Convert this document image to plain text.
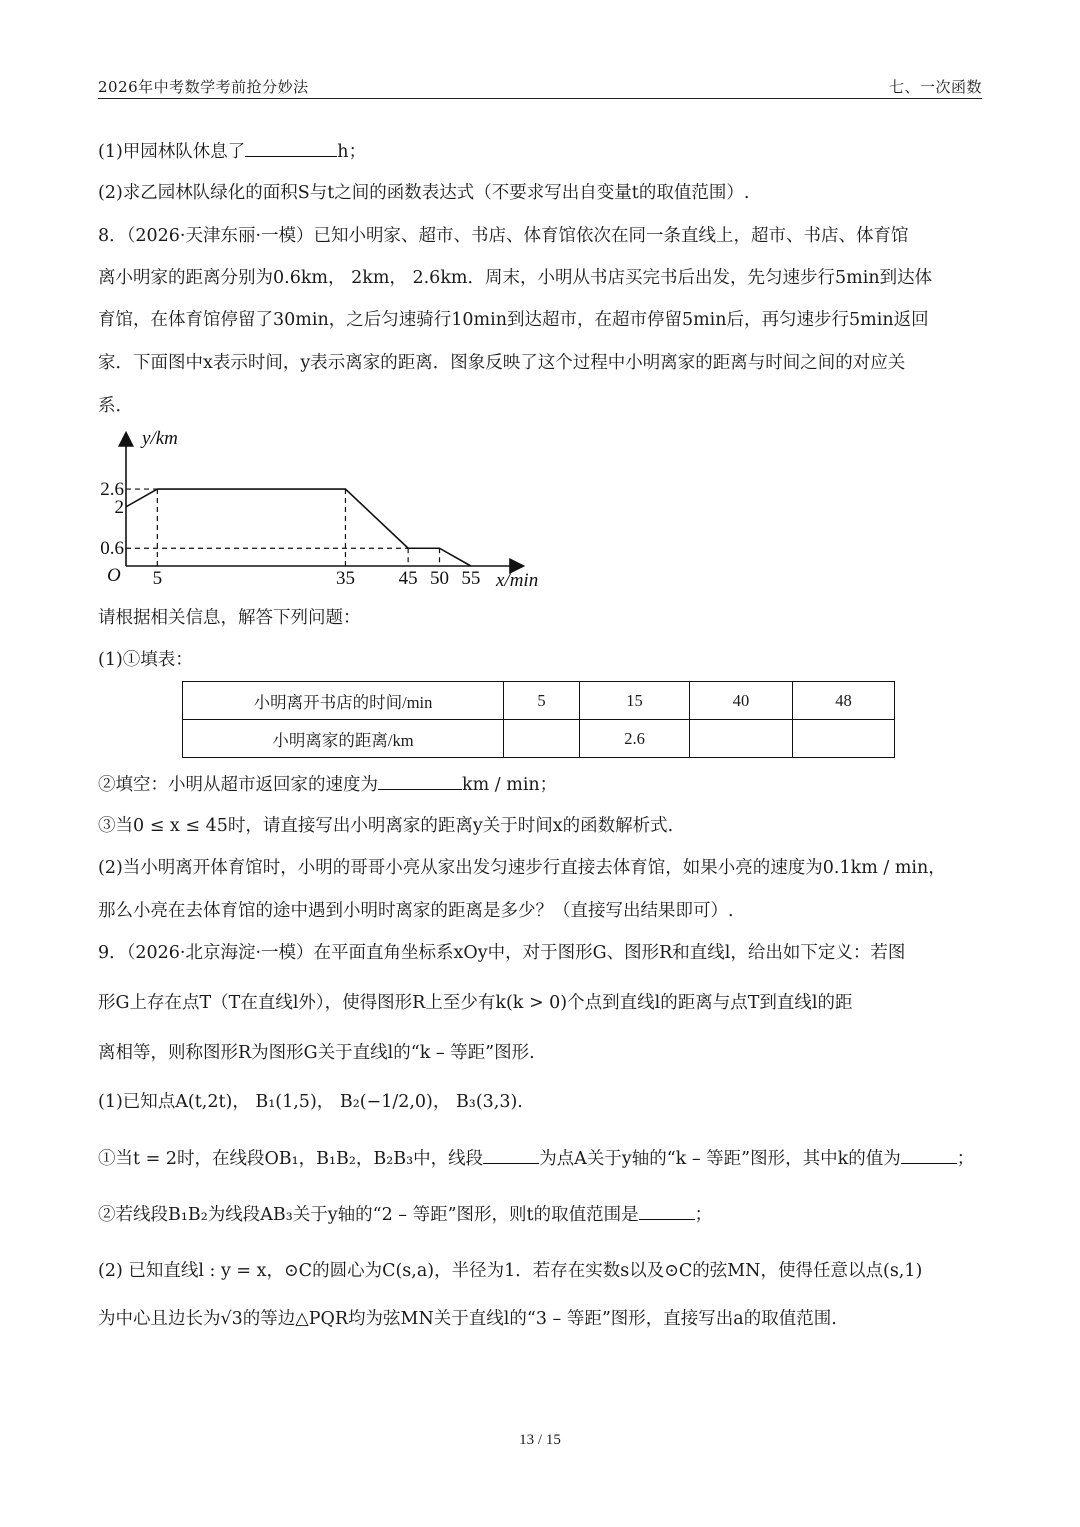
2026年中考数学考前抢分妙法	七、一次函数
(1)甲园林队休息了	h；
(2)求乙园林队绿化的面积S与t之间的函数表达式（不要求写出自变量t的取值范围）.
8．（2026·天津东丽·一模）已知小明家、超市、书店、体育馆依次在同一条直线上，超市、书店、体育馆
离小明家的距离分别为0.6km， 2km， 2.6km．周末，小明从书店买完书后出发，先匀速步行5min到达体
育馆，在体育馆停留了30min，之后匀速骑行10min到达超市，在超市停留5min后，再匀速步行5min返回
家．下面图中x表示时间，y表示离家的距离．图象反映了这个过程中小明离家的距离与时间之间的对应关
系．
5	35 45 50 55
2.6
2
0.6
y/km
x/min
O
请根据相关信息，解答下列问题：
(1)①填表：
小明离开书店的时间/min	5	15	40	48
小明离家的距离/km		2.6		
②填空：小明从超市返回家的速度为	km / min；
③当0 ≤ x ≤ 45时，请直接写出小明离家的距离y关于时间x的函数解析式.
(2)当小明离开体育馆时，小明的哥哥小亮从家出发匀速步行直接去体育馆，如果小亮的速度为0.1km / min，
那么小亮在去体育馆的途中遇到小明时离家的距离是多少？（直接写出结果即可）.
9．（2026·北京海淀·一模）在平面直角坐标系xOy中，对于图形G、图形R和直线l，给出如下定义：若图
形G上存在点T（T在直线l外），使得图形R上至少有k(k > 0)个点到直线l的距离与点T到直线l的距
离相等，则称图形R为图形G关于直线l的“k – 等距”图形.
(1)已知点A(t,2t)， B₁(1,5)， B₂(−1/2,0)， B₃(3,3).
①当t = 2时，在线段OB₁，B₁B₂，B₂B₃中，线段	为点A关于y轴的“k – 等距”图形，其中k的值为	；
②若线段B₁B₂为线段AB₃关于y轴的“2 – 等距”图形，则t的取值范围是	；
(2) 已知直线l : y = x，⊙C的圆心为C(s,a)，半径为1．若存在实数s以及⊙C的弦MN，使得任意以点(s,1)
为中心且边长为√3的等边△PQR均为弦MN关于直线l的“3 – 等距”图形，直接写出a的取值范围.
13 / 15
